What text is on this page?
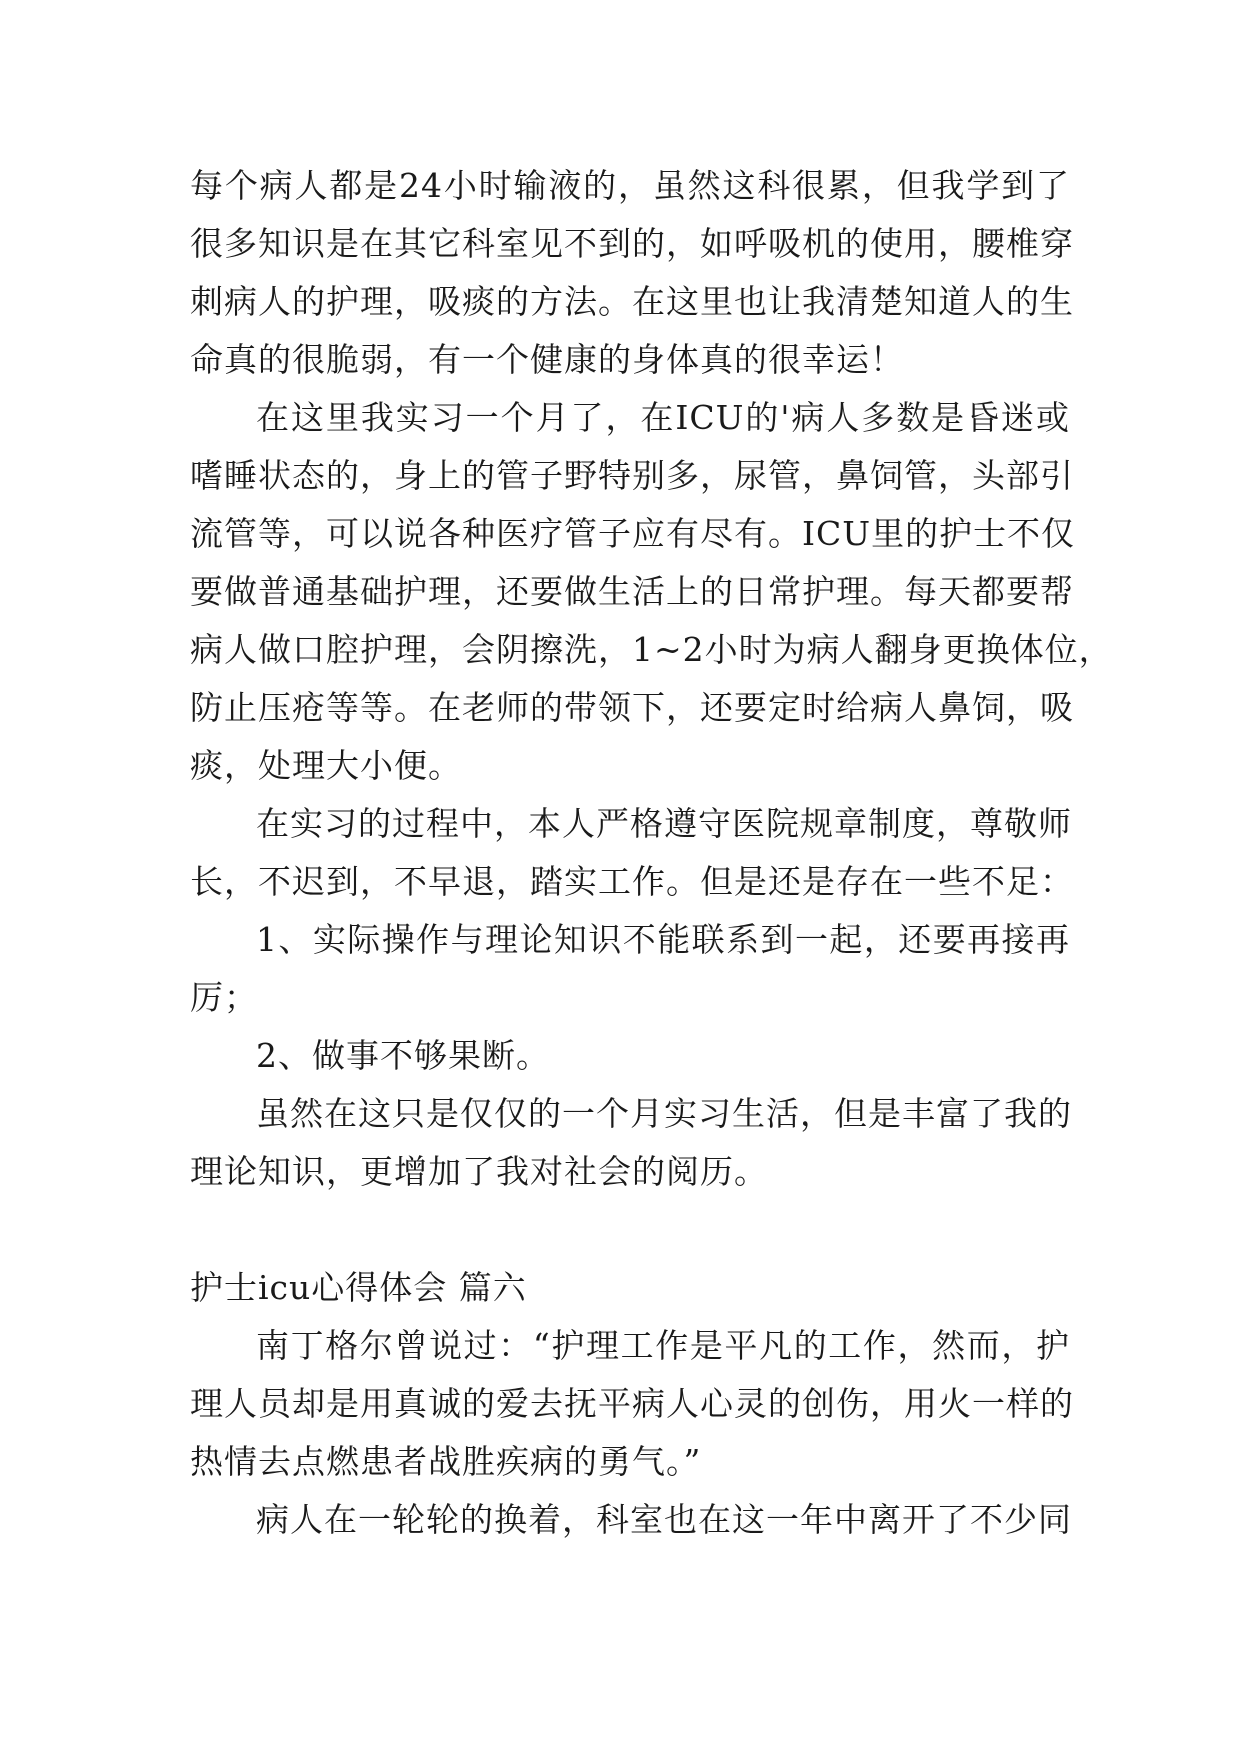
每个病人都是24小时输液的，虽然这科很累，但我学到了
很多知识是在其它科室见不到的，如呼吸机的使用，腰椎穿
刺病人的护理，吸痰的方法。在这里也让我清楚知道人的生
命真的很脆弱，有一个健康的身体真的很幸运！
在这里我实习一个月了，在ICU的'病人多数是昏迷或
嗜睡状态的，身上的管子野特别多，尿管，鼻饲管，头部引
流管等，可以说各种医疗管子应有尽有。ICU里的护士不仅
要做普通基础护理，还要做生活上的日常护理。每天都要帮
病人做口腔护理，会阴擦洗，1~2小时为病人翻身更换体位，
防止压疮等等。在老师的带领下，还要定时给病人鼻饲，吸
痰，处理大小便。
在实习的过程中，本人严格遵守医院规章制度，尊敬师
长，不迟到，不早退，踏实工作。但是还是存在一些不足：
1、实际操作与理论知识不能联系到一起，还要再接再
厉；
2、做事不够果断。
虽然在这只是仅仅的一个月实习生活，但是丰富了我的
理论知识，更增加了我对社会的阅历。
护士icu心得体会 篇六
南丁格尔曾说过：“护理工作是平凡的工作，然而，护
理人员却是用真诚的爱去抚平病人心灵的创伤，用火一样的
热情去点燃患者战胜疾病的勇气。”
病人在一轮轮的换着，科室也在这一年中离开了不少同
